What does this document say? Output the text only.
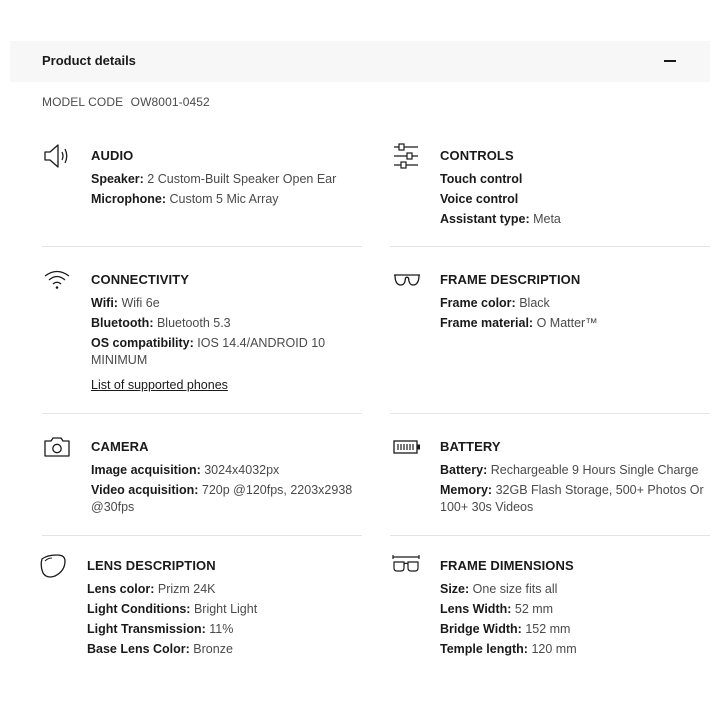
Product details
MODEL CODE OW8001-0452
AUDIO
Speaker: 2 Custom-Built Speaker Open Ear
Microphone: Custom 5 Mic Array
CONTROLS
Touch control
Voice control
Assistant type: Meta
CONNECTIVITY
Wifi: Wifi 6e
Bluetooth: Bluetooth 5.3
OS compatibility: IOS 14.4/ANDROID 10 MINIMUM
List of supported phones
FRAME DESCRIPTION
Frame color: Black
Frame material: O Matter™
CAMERA
Image acquisition: 3024x4032px
Video acquisition: 720p @120fps, 2203x2938 @30fps
BATTERY
Battery: Rechargeable 9 Hours Single Charge
Memory: 32GB Flash Storage, 500+ Photos Or 100+ 30s Videos
LENS DESCRIPTION
Lens color: Prizm 24K
Light Conditions: Bright Light
Light Transmission: 11%
Base Lens Color: Bronze
FRAME DIMENSIONS
Size: One size fits all
Lens Width: 52 mm
Bridge Width: 152 mm
Temple length: 120 mm
